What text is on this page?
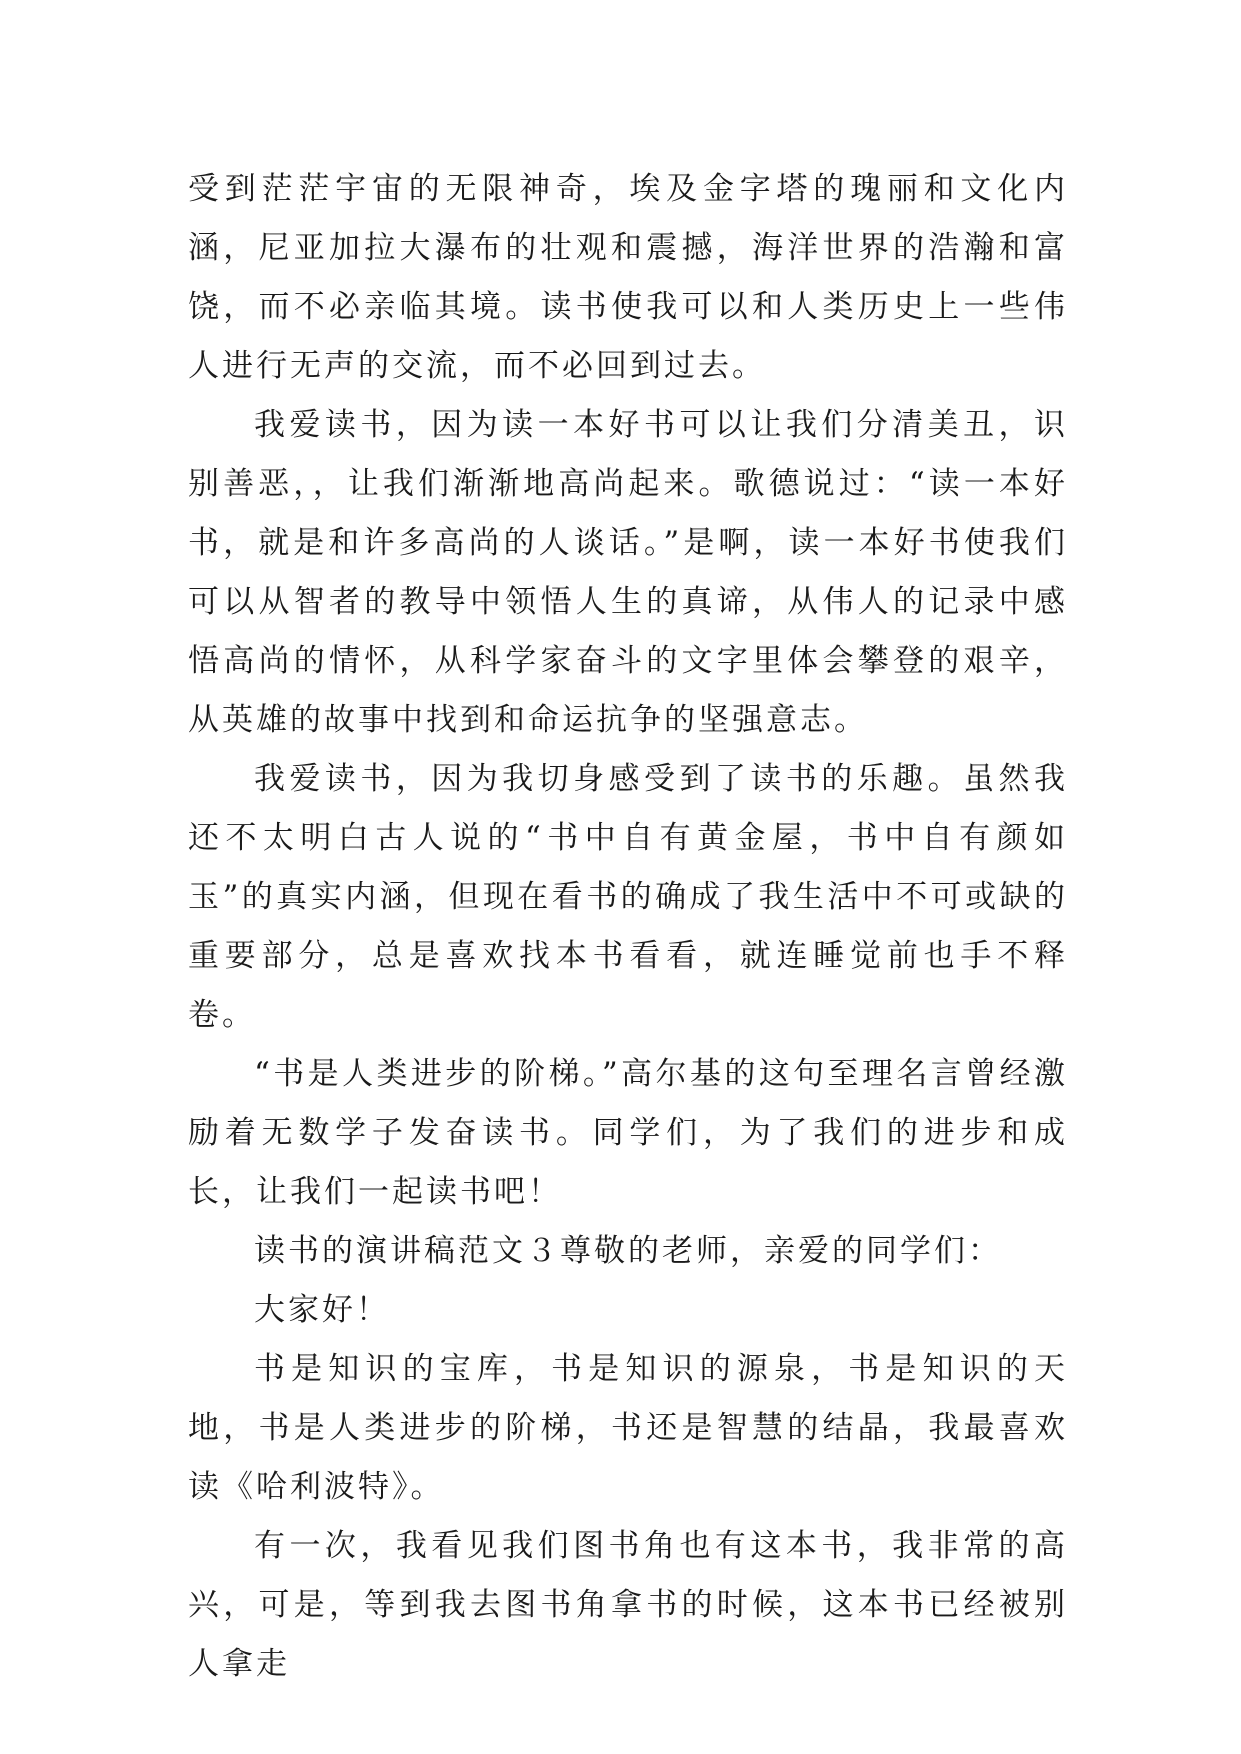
受到茫茫宇宙的无限神奇，埃及金字塔的瑰丽和文化内涵，尼亚加拉大瀑布的壮观和震撼，海洋世界的浩瀚和富饶，而不必亲临其境。读书使我可以和人类历史上一些伟人进行无声的交流，而不必回到过去。

我爱读书，因为读一本好书可以让我们分清美丑，识别善恶，，让我们渐渐地高尚起来。歌德说过：“读一本好书，就是和许多高尚的人谈话。”是啊，读一本好书使我们可以从智者的教导中领悟人生的真谛，从伟人的记录中感悟高尚的情怀，从科学家奋斗的文字里体会攀登的艰辛，从英雄的故事中找到和命运抗争的坚强意志。

我爱读书，因为我切身感受到了读书的乐趣。虽然我还不太明白古人说的“书中自有黄金屋，书中自有颜如玉”的真实内涵，但现在看书的确成了我生活中不可或缺的重要部分，总是喜欢找本书看看，就连睡觉前也手不释卷。

“书是人类进步的阶梯。”高尔基的这句至理名言曾经激励着无数学子发奋读书。同学们，为了我们的进步和成长，让我们一起读书吧！

读书的演讲稿范文３尊敬的老师，亲爱的同学们：

大家好！

书是知识的宝库，书是知识的源泉，书是知识的天地，书是人类进步的阶梯，书还是智慧的结晶，我最喜欢读《哈利波特》。

有一次，我看见我们图书角也有这本书，我非常的高兴，可是，等到我去图书角拿书的时候，这本书已经被别人拿走
